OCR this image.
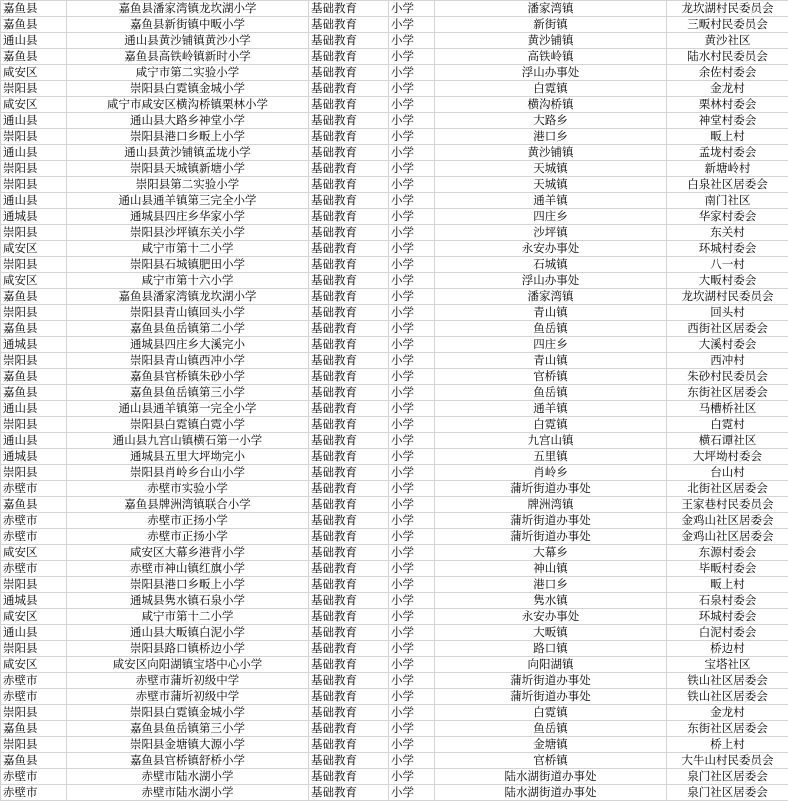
嘉鱼县	嘉鱼县潘家湾镇龙坎湖小学	基础教育	小学	潘家湾镇	龙坎湖村民委员会
嘉鱼县	嘉鱼县新街镇中畈小学	基础教育	小学	新街镇	三畈村民委员会
通山县	通山县黄沙铺镇黄沙小学	基础教育	小学	黄沙铺镇	黄沙社区
嘉鱼县	嘉鱼县高铁岭镇新时小学	基础教育	小学	高铁岭镇	陆水村民委员会
咸安区	咸宁市第二实验小学	基础教育	小学	浮山办事处	余佐村委会
崇阳县	崇阳县白霓镇金城小学	基础教育	小学	白霓镇	金龙村
咸安区	咸宁市咸安区横沟桥镇栗林小学	基础教育	小学	横沟桥镇	栗林村委会
通山县	通山县大路乡神堂小学	基础教育	小学	大路乡	神堂村委会
崇阳县	崇阳县港口乡畈上小学	基础教育	小学	港口乡	畈上村
通山县	通山县黄沙铺镇孟垅小学	基础教育	小学	黄沙铺镇	孟垅村委会
崇阳县	崇阳县天城镇新塘小学	基础教育	小学	天城镇	新塘岭村
崇阳县	崇阳县第二实验小学	基础教育	小学	天城镇	白泉社区居委会
通山县	通山县通羊镇第三完全小学	基础教育	小学	通羊镇	南门社区
通城县	通城县四庄乡华家小学	基础教育	小学	四庄乡	华家村委会
崇阳县	崇阳县沙坪镇东关小学	基础教育	小学	沙坪镇	东关村
咸安区	咸宁市第十二小学	基础教育	小学	永安办事处	环城村委会
崇阳县	崇阳县石城镇肥田小学	基础教育	小学	石城镇	八一村
咸安区	咸宁市第十六小学	基础教育	小学	浮山办事处	大畈村委会
嘉鱼县	嘉鱼县潘家湾镇龙坎湖小学	基础教育	小学	潘家湾镇	龙坎湖村民委员会
崇阳县	崇阳县青山镇回头小学	基础教育	小学	青山镇	回头村
嘉鱼县	嘉鱼县鱼岳镇第二小学	基础教育	小学	鱼岳镇	西街社区居委会
通城县	通城县四庄乡大溪完小	基础教育	小学	四庄乡	大溪村委会
崇阳县	崇阳县青山镇西冲小学	基础教育	小学	青山镇	西冲村
嘉鱼县	嘉鱼县官桥镇朱砂小学	基础教育	小学	官桥镇	朱砂村民委员会
嘉鱼县	嘉鱼县鱼岳镇第三小学	基础教育	小学	鱼岳镇	东街社区居委会
通山县	通山县通羊镇第一完全小学	基础教育	小学	通羊镇	马槽桥社区
崇阳县	崇阳县白霓镇白霓小学	基础教育	小学	白霓镇	白霓村
通山县	通山县九宫山镇横石第一小学	基础教育	小学	九宫山镇	横石谭社区
通城县	通城县五里大坪坳完小	基础教育	小学	五里镇	大坪坳村委会
崇阳县	崇阳县肖岭乡台山小学	基础教育	小学	肖岭乡	台山村
赤壁市	赤壁市实验小学	基础教育	小学	蒲圻街道办事处	北街社区居委会
嘉鱼县	嘉鱼县牌洲湾镇联合小学	基础教育	小学	牌洲湾镇	王家巷村民委员会
赤壁市	赤壁市正扬小学	基础教育	小学	蒲圻街道办事处	金鸡山社区居委会
赤壁市	赤壁市正扬小学	基础教育	小学	蒲圻街道办事处	金鸡山社区居委会
咸安区	咸安区大幕乡港背小学	基础教育	小学	大幕乡	东源村委会
赤壁市	赤壁市神山镇红旗小学	基础教育	小学	神山镇	毕畈村委会
崇阳县	崇阳县港口乡畈上小学	基础教育	小学	港口乡	畈上村
通城县	通城县隽水镇石泉小学	基础教育	小学	隽水镇	石泉村委会
咸安区	咸宁市第十二小学	基础教育	小学	永安办事处	环城村委会
通山县	通山县大畈镇白泥小学	基础教育	小学	大畈镇	白泥村委会
崇阳县	崇阳县路口镇桥边小学	基础教育	小学	路口镇	桥边村
咸安区	咸安区向阳湖镇宝塔中心小学	基础教育	小学	向阳湖镇	宝塔社区
赤壁市	赤壁市蒲圻初级中学	基础教育	小学	蒲圻街道办事处	铁山社区居委会
赤壁市	赤壁市蒲圻初级中学	基础教育	小学	蒲圻街道办事处	铁山社区居委会
崇阳县	崇阳县白霓镇金城小学	基础教育	小学	白霓镇	金龙村
嘉鱼县	嘉鱼县鱼岳镇第三小学	基础教育	小学	鱼岳镇	东街社区居委会
崇阳县	崇阳县金塘镇大源小学	基础教育	小学	金塘镇	桥上村
嘉鱼县	嘉鱼县官桥镇舒桥小学	基础教育	小学	官桥镇	大牛山村民委员会
赤壁市	赤壁市陆水湖小学	基础教育	小学	陆水湖街道办事处	泉门社区居委会
赤壁市	赤壁市陆水湖小学	基础教育	小学	陆水湖街道办事处	泉门社区居委会
